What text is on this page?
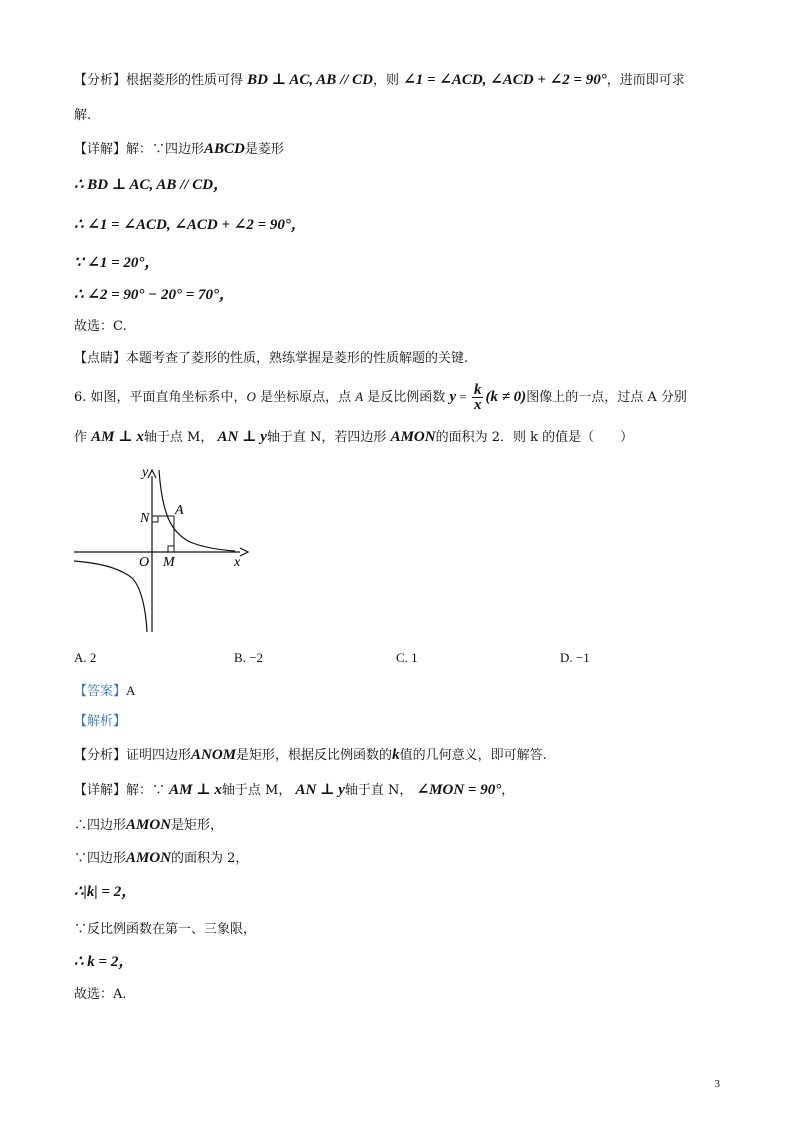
【分析】根据菱形的性质可得 BD ⊥ AC, AB // CD，则 ∠1 = ∠ACD, ∠ACD + ∠2 = 90°，进而即可求
解.
【详解】解：∵四边形ABCD是菱形
∴ BD ⊥ AC, AB // CD，
∴ ∠1 = ∠ACD, ∠ACD + ∠2 = 90°，
∵ ∠1 = 20°，
∴ ∠2 = 90° − 20° = 70°，
故选：C.
【点睛】本题考查了菱形的性质，熟练掌握是菱形的性质解题的关键.
6. 如图，平面直角坐标系中，O 是坐标原点，点 A 是反比例函数 $y = \frac{k}{x} (k \ne 0)$图像上的一点，过点 A 分别
作 AM ⊥ x轴于点 M， AN ⊥ y轴于直 N，若四边形 AMON的面积为 2．则 k 的值是（　　）
y
x
O M
N
A
A. 2	B. −2	C. 1	D. −1
【答案】A
【解析】
【分析】证明四边形ANOM是矩形，根据反比例函数的k值的几何意义，即可解答.
【详解】解：∵ AM ⊥ x轴于点 M， AN ⊥ y轴于直 N， ∠MON = 90°，
∴四边形AMON是矩形，
∵四边形AMON的面积为 2，
∴|k| = 2，
∵反比例函数在第一、三象限，
∴ k = 2，
故选：A.
3
